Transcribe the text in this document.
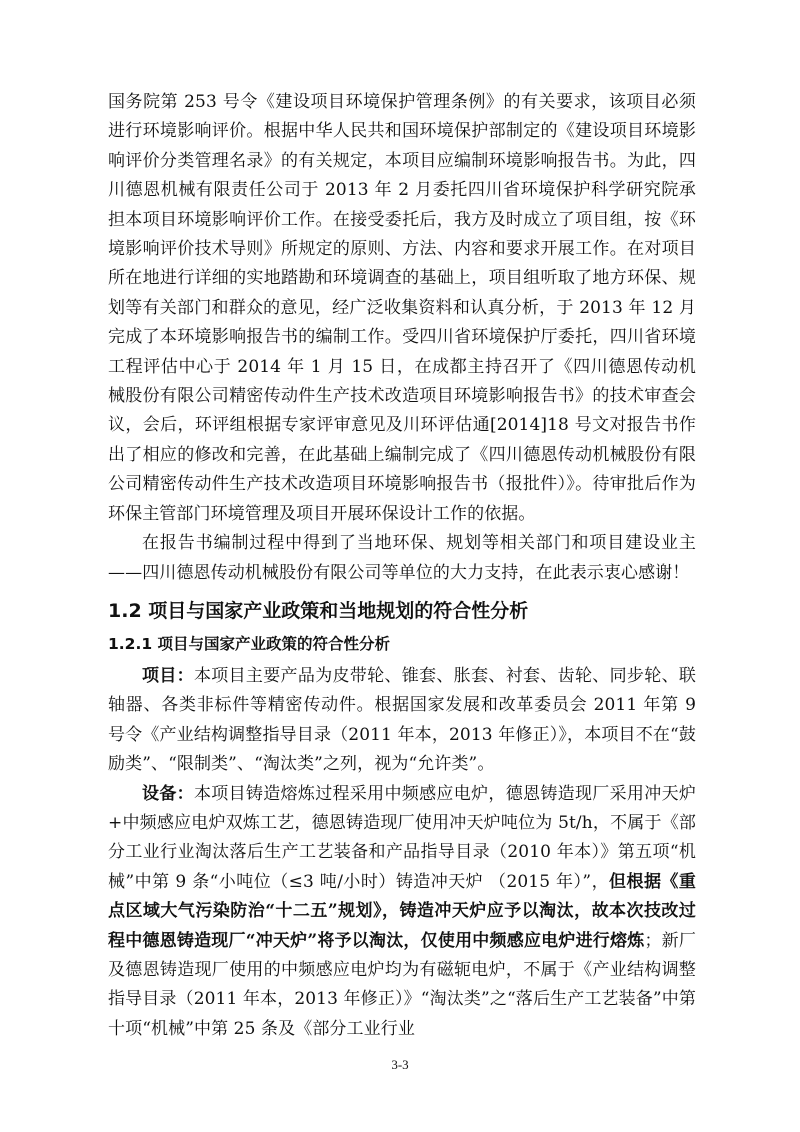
国务院第 253 号令《建设项目环境保护管理条例》的有关要求，该项目必须进行环境影响评价。根据中华人民共和国环境保护部制定的《建设项目环境影响评价分类管理名录》的有关规定，本项目应编制环境影响报告书。为此，四川德恩机械有限责任公司于 2013 年 2 月委托四川省环境保护科学研究院承担本项目环境影响评价工作。在接受委托后，我方及时成立了项目组，按《环境影响评价技术导则》所规定的原则、方法、内容和要求开展工作。在对项目所在地进行详细的实地踏勘和环境调查的基础上，项目组听取了地方环保、规划等有关部门和群众的意见，经广泛收集资料和认真分析，于 2013 年 12 月完成了本环境影响报告书的编制工作。受四川省环境保护厅委托，四川省环境工程评估中心于 2014 年 1 月 15 日，在成都主持召开了《四川德恩传动机械股份有限公司精密传动件生产技术改造项目环境影响报告书》的技术审查会议，会后，环评组根据专家评审意见及川环评估通[2014]18 号文对报告书作出了相应的修改和完善，在此基础上编制完成了《四川德恩传动机械股份有限公司精密传动件生产技术改造项目环境影响报告书（报批件）》。待审批后作为环保主管部门环境管理及项目开展环保设计工作的依据。

在报告书编制过程中得到了当地环保、规划等相关部门和项目建设业主——四川德恩传动机械股份有限公司等单位的大力支持，在此表示衷心感谢！

1.2 项目与国家产业政策和当地规划的符合性分析
1.2.1 项目与国家产业政策的符合性分析

项目：本项目主要产品为皮带轮、锥套、胀套、衬套、齿轮、同步轮、联轴器、各类非标件等精密传动件。根据国家发展和改革委员会 2011 年第 9 号令《产业结构调整指导目录（2011 年本，2013 年修正）》，本项目不在“鼓励类”、“限制类”、“淘汰类”之列，视为“允许类”。

设备：本项目铸造熔炼过程采用中频感应电炉，德恩铸造现厂采用冲天炉+中频感应电炉双炼工艺，德恩铸造现厂使用冲天炉吨位为 5t/h，不属于《部分工业行业淘汰落后生产工艺装备和产品指导目录（2010 年本）》第五项“机械”中第 9 条“小吨位（≤3 吨/小时）铸造冲天炉 （2015 年）”，但根据《重点区域大气污染防治“十二五”规划》，铸造冲天炉应予以淘汰，故本次技改过程中德恩铸造现厂“冲天炉”将予以淘汰，仅使用中频感应电炉进行熔炼；新厂及德恩铸造现厂使用的中频感应电炉均为有磁轭电炉，不属于《产业结构调整指导目录（2011 年本，2013 年修正）》“淘汰类”之“落后生产工艺装备”中第十项“机械”中第 25 条及《部分工业行业

3-3
